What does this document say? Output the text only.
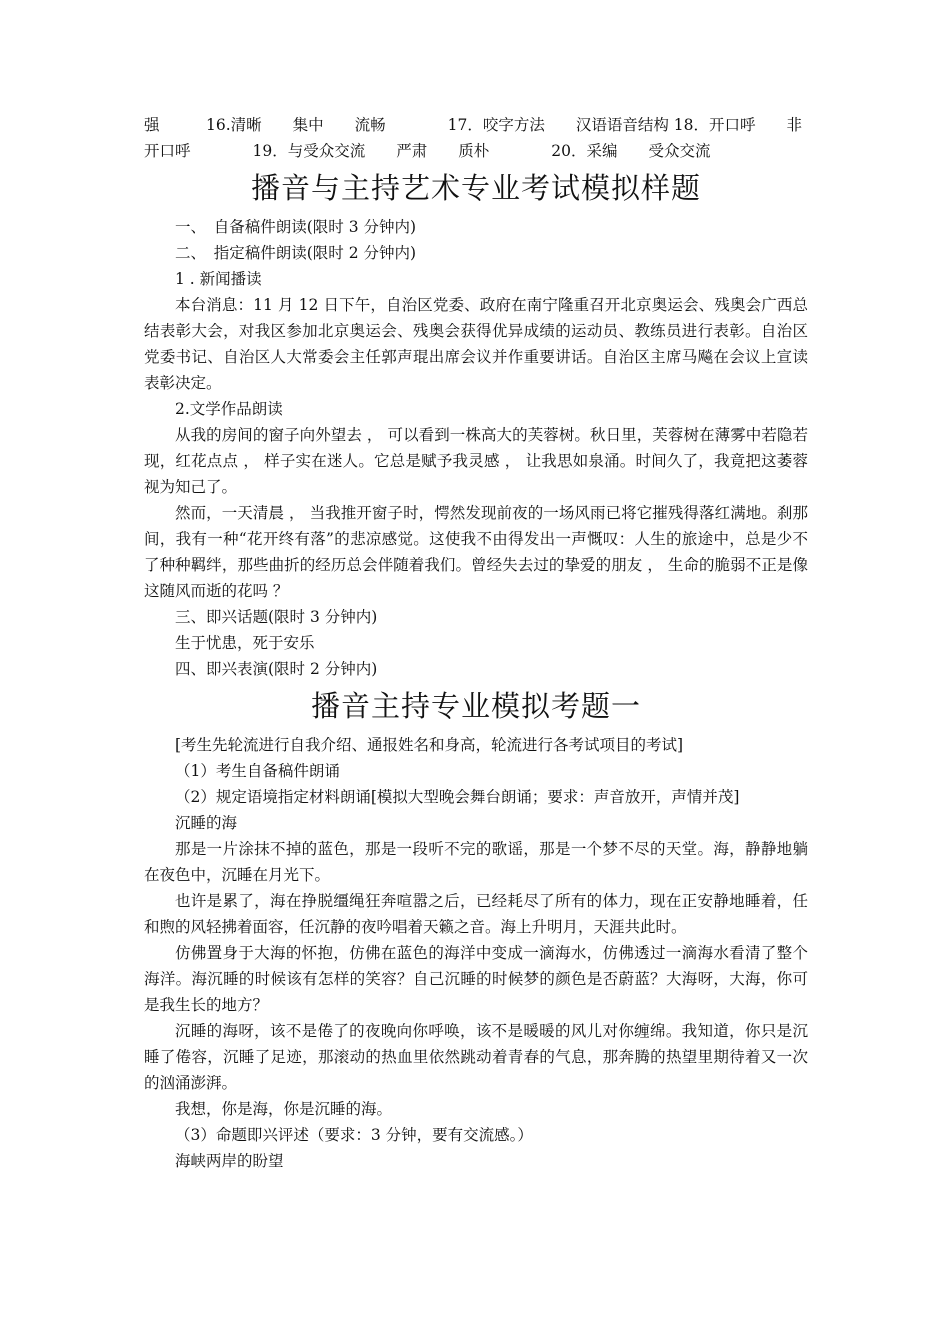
强　　　16.清晰　　集中　　流畅　　　　17．咬字方法　　汉语语音结构 18．开口呼　　非

开口呼　　　　19．与受众交流　　严肃　　质朴　　　　20．采编　　受众交流

播音与主持艺术专业考试模拟样题

一、　自备稿件朗读(限时 3 分钟内)

二、　指定稿件朗读(限时 2 分钟内)

1 . 新闻播读

本台消息：11 月 12 日下午，自治区党委、政府在南宁隆重召开北京奥运会、残奥会广西总结表彰大会，对我区参加北京奥运会、残奥会获得优异成绩的运动员、教练员进行表彰。自治区党委书记、自治区人大常委会主任郭声琨出席会议并作重要讲话。自治区主席马飚在会议上宣读表彰决定。

2.文学作品朗读

从我的房间的窗子向外望去 ， 可以看到一株高大的芙蓉树。秋日里，芙蓉树在薄雾中若隐若现，红花点点 ， 样子实在迷人。它总是赋予我灵感 ， 让我思如泉涌。时间久了，我竟把这萎蓉视为知己了。

然而，一天清晨 ， 当我推开窗子时，愕然发现前夜的一场风雨已将它摧残得落红满地。刹那间，我有一种“花开终有落”的悲凉感觉。这使我不由得发出一声慨叹：人生的旅途中，总是少不了种种羁绊，那些曲折的经历总会伴随着我们。曾经失去过的挚爱的朋友 ， 生命的脆弱不正是像这随风而逝的花吗 ？

三、即兴话题(限时 3 分钟内)

生于忧患，死于安乐

四、即兴表演(限时 2 分钟内)

播音主持专业模拟考题一

[考生先轮流进行自我介绍、通报姓名和身高，轮流进行各考试项目的考试]

（1）考生自备稿件朗诵

（2）规定语境指定材料朗诵[模拟大型晚会舞台朗诵；要求：声音放开，声情并茂]

沉睡的海

那是一片涂抹不掉的蓝色，那是一段听不完的歌谣，那是一个梦不尽的天堂。海，静静地躺在夜色中，沉睡在月光下。

也许是累了，海在挣脱缰绳狂奔喧嚣之后，已经耗尽了所有的体力，现在正安静地睡着，任和煦的风轻拂着面容，任沉静的夜吟唱着天籁之音。海上升明月，天涯共此时。

仿佛置身于大海的怀抱，仿佛在蓝色的海洋中变成一滴海水，仿佛透过一滴海水看清了整个海洋。海沉睡的时候该有怎样的笑容？自己沉睡的时候梦的颜色是否蔚蓝？大海呀，大海，你可是我生长的地方？

沉睡的海呀，该不是倦了的夜晚向你呼唤，该不是暖暖的风儿对你缠绵。我知道，你只是沉睡了倦容，沉睡了足迹，那滚动的热血里依然跳动着青春的气息，那奔腾的热望里期待着又一次的汹涌澎湃。

我想，你是海，你是沉睡的海。

（3）命题即兴评述（要求：3 分钟，要有交流感。）

海峡两岸的盼望
